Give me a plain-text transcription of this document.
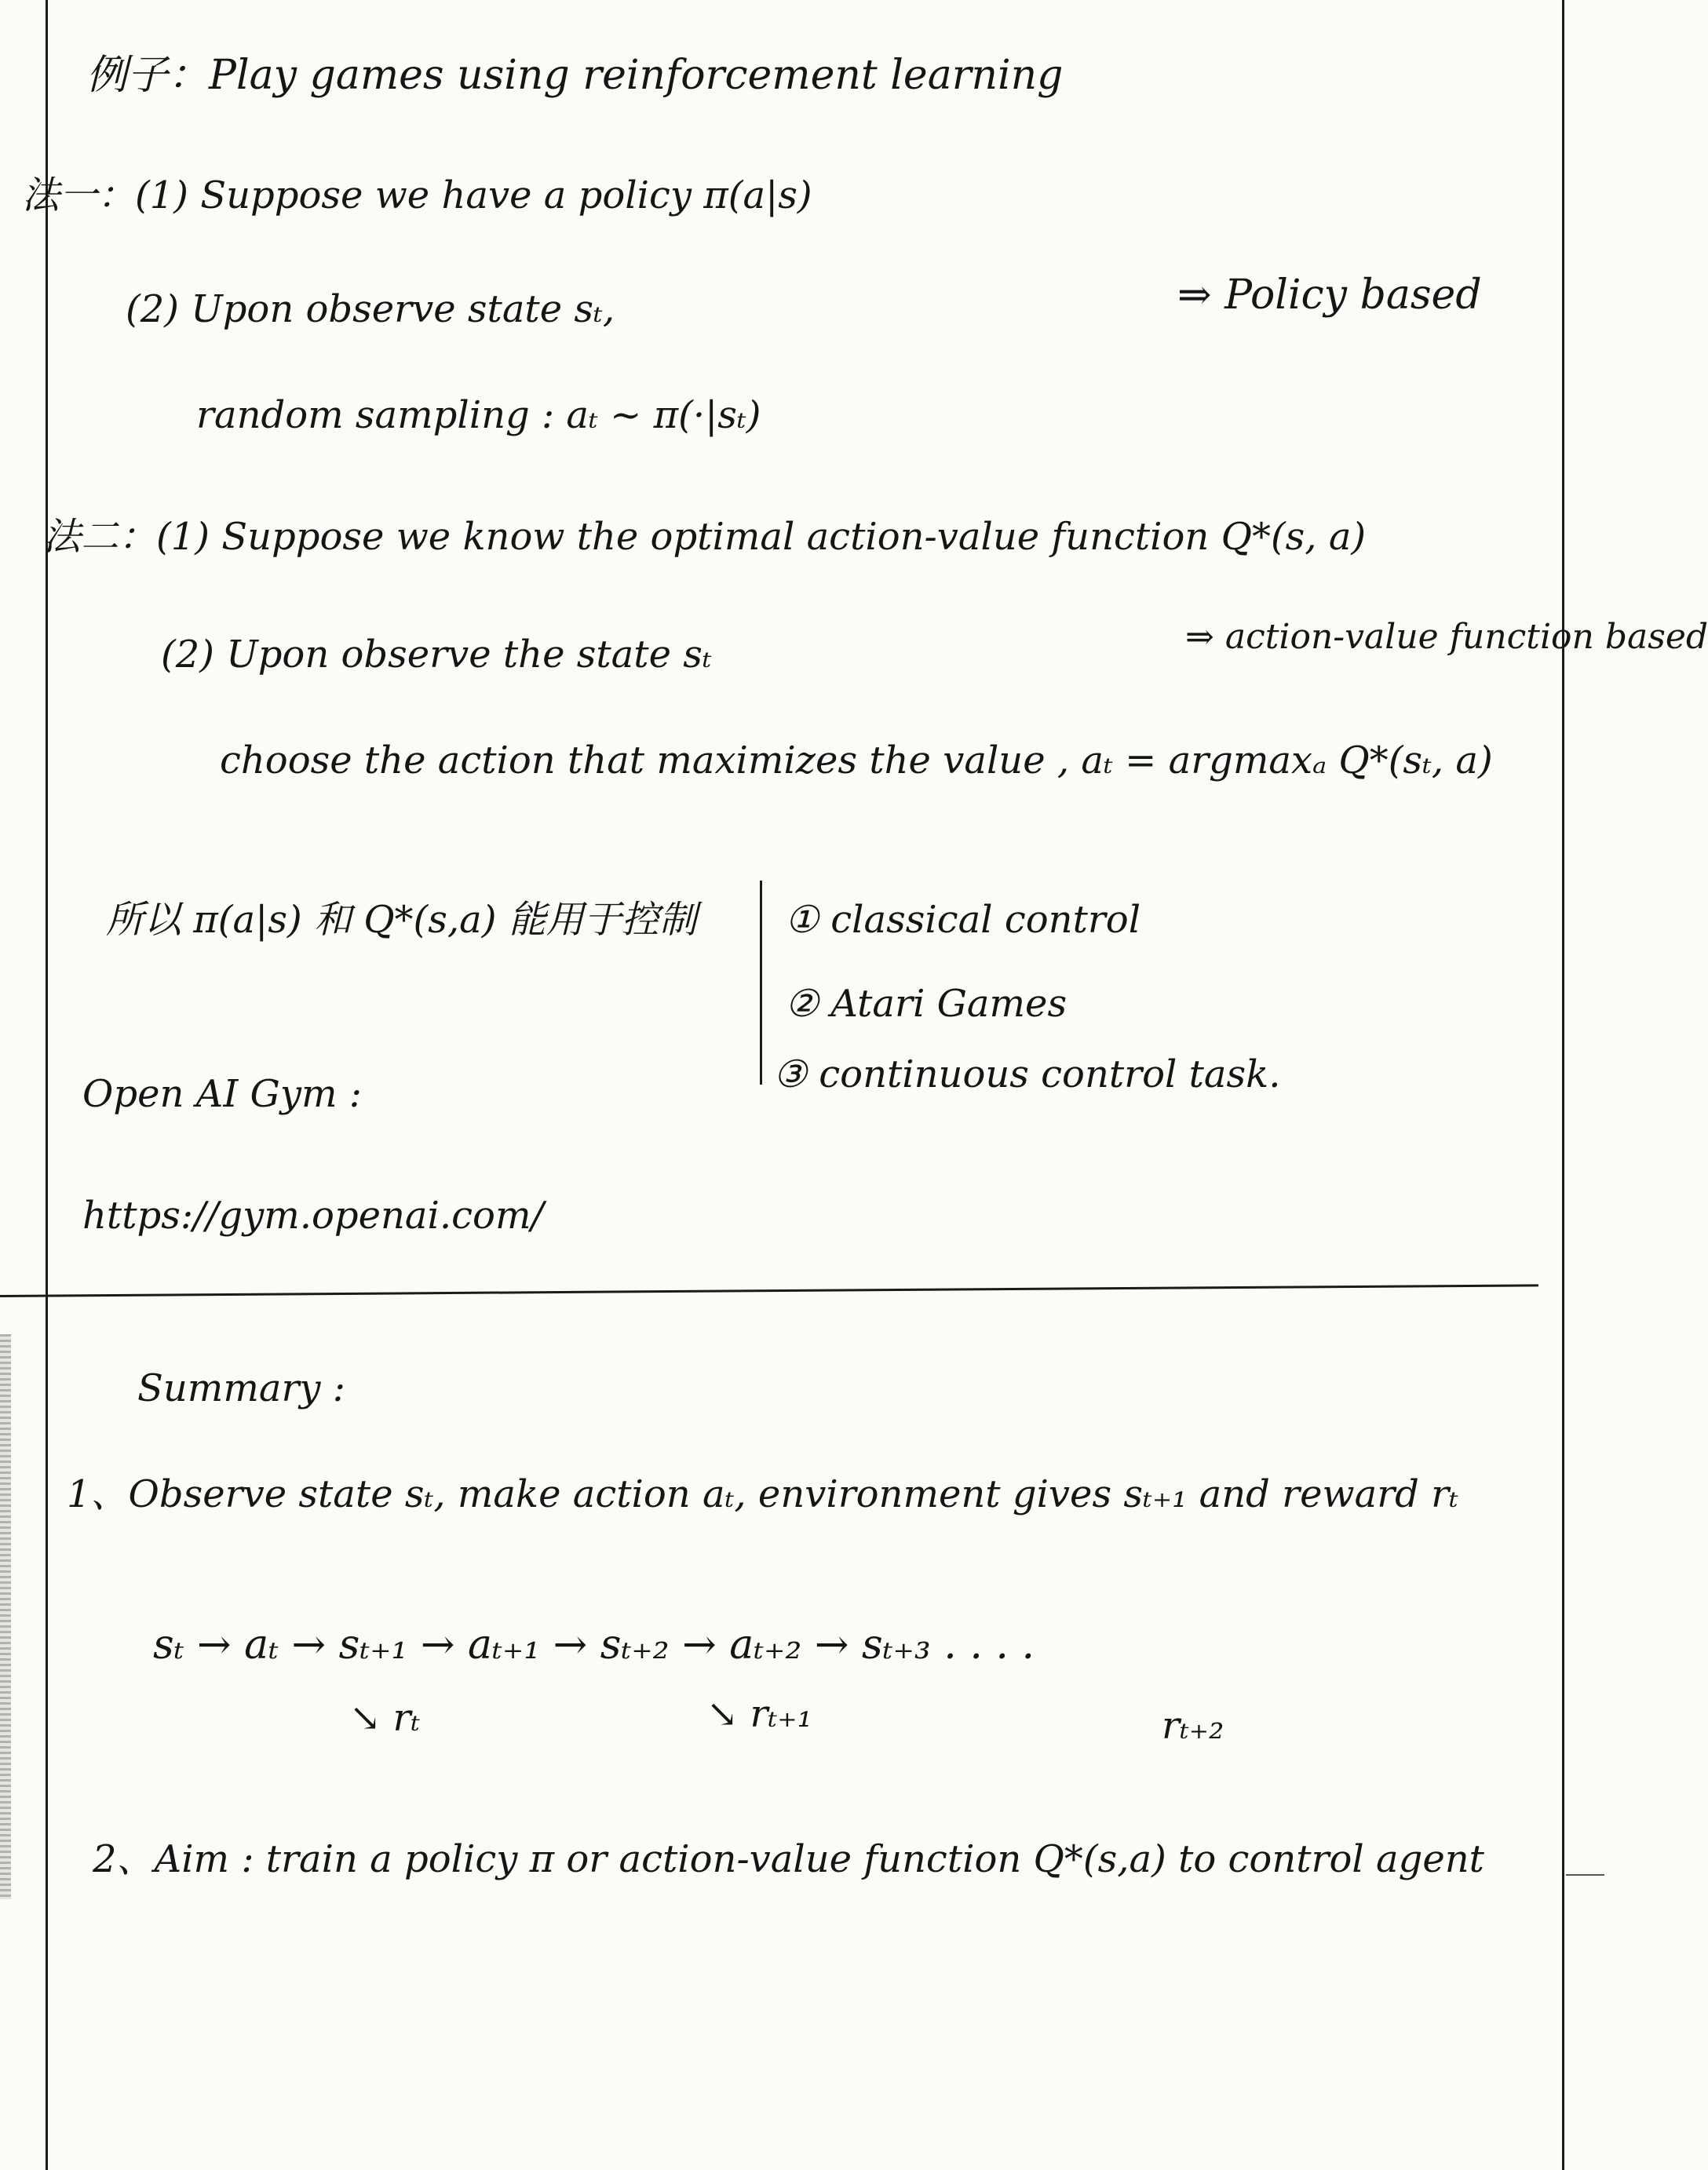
例子：Play games using reinforcement learning
法一：(1) Suppose we have a policy π(a|s)
(2) Upon observe state sₜ,	⇒ Policy based
random sampling : aₜ ~ π(·|sₜ)
法二：(1) Suppose we know the optimal action-value function Q*(s, a)
(2) Upon observe the state sₜ	⇒ action-value function based
choose the action that maximizes the value , aₜ = argmaxₐ Q*(sₜ, a)
所以 π(a|s) 和 Q*(s,a) 能用于控制 ① classical control
② Atari Games
③ continuous control task.
Open AI Gym :
https://gym.openai.com/
Summary :
1、Observe state sₜ, make action aₜ, environment gives sₜ₊₁ and reward rₜ
sₜ → aₜ → sₜ₊₁ → aₜ₊₁ → sₜ₊₂ → aₜ₊₂ → sₜ₊₃ . . . .
↘ rₜ	↘ rₜ₊₁	rₜ₊₂
2、Aim : train a policy π or action-value function Q*(s,a) to control agent
